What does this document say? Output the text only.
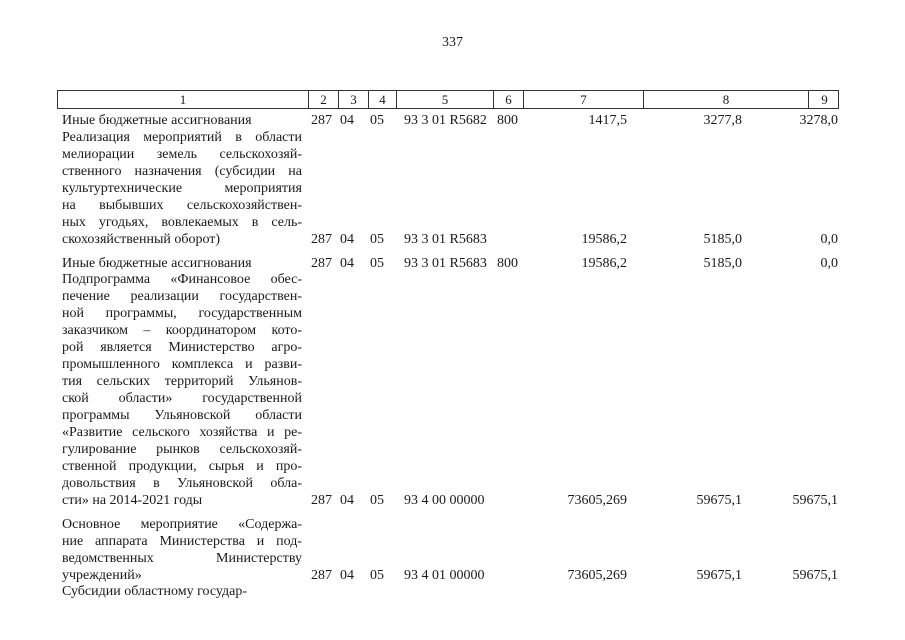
337
1	2	3	4	5	6	7	8	9
Иные бюджетные ассигнования	287 04 05 93 3 01 R5682 800	1417,5	3277,8	3278,0
Реализация мероприятий в области
мелиорации земель сельскохозяй-
ственного назначения (субсидии на
культуртехнические мероприятия
на выбывших сельскохозяйствен-
ных угодьях, вовлекаемых в сель-
скохозяйственный оборот)	287 04 05 93 3 01 R5683	19586,2	5185,0	0,0
Иные бюджетные ассигнования	287 04 05 93 3 01 R5683 800	19586,2	5185,0	0,0
Подпрограмма «Финансовое обес-
печение реализации государствен-
ной программы, государственным
заказчиком – координатором кото-
рой является Министерство агро-
промышленного комплекса и разви-
тия сельских территорий Ульянов-
ской области» государственной
программы Ульяновской области
«Развитие сельского хозяйства и ре-
гулирование рынков сельскохозяй-
ственной продукции, сырья и про-
довольствия в Ульяновской обла-
сти» на 2014-2021 годы	287 04 05 93 4 00 00000	73605,269	59675,1	59675,1
Основное мероприятие «Содержа-
ние аппарата Министерства и под-
ведомственных Министерству
учреждений»	287 04 05 93 4 01 00000	73605,269	59675,1	59675,1
Субсидии областному государ-
